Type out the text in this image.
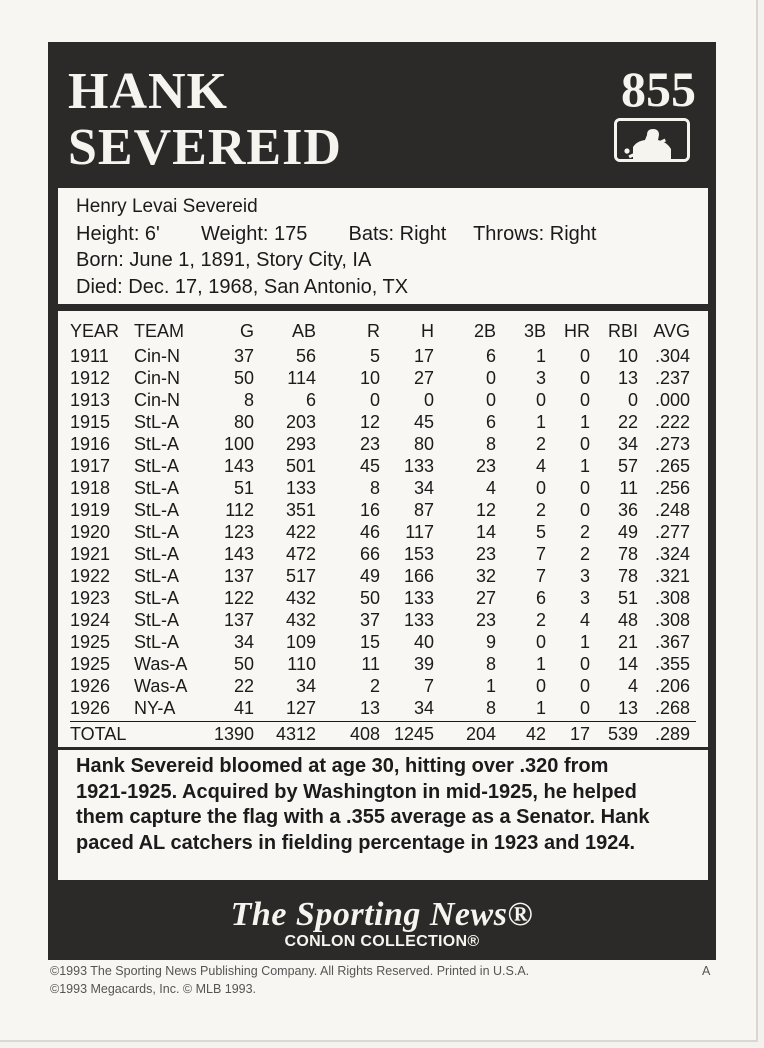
HANK
SEVEREID
855
Henry Levai Severeid
Height: 6' Weight: 175 Bats: Right Throws: Right
Born: June 1, 1891, Story City, IA
Died: Dec. 17, 1968, San Antonio, TX
YEAR	TEAM	G	AB	R	H	2B	3B	HR	RBI	AVG
1911	Cin-N	37	56	5	17	6	1	0	10	.304
1912	Cin-N	50	114	10	27	0	3	0	13	.237
1913	Cin-N	8	6	0	0	0	0	0	0	.000
1915	StL-A	80	203	12	45	6	1	1	22	.222
1916	StL-A	100	293	23	80	8	2	0	34	.273
1917	StL-A	143	501	45	133	23	4	1	57	.265
1918	StL-A	51	133	8	34	4	0	0	11	.256
1919	StL-A	112	351	16	87	12	2	0	36	.248
1920	StL-A	123	422	46	117	14	5	2	49	.277
1921	StL-A	143	472	66	153	23	7	2	78	.324
1922	StL-A	137	517	49	166	32	7	3	78	.321
1923	StL-A	122	432	50	133	27	6	3	51	.308
1924	StL-A	137	432	37	133	23	2	4	48	.308
1925	StL-A	34	109	15	40	9	0	1	21	.367
1925	Was-A	50	110	11	39	8	1	0	14	.355
1926	Was-A	22	34	2	7	1	0	0	4	.206
1926	NY-A	41	127	13	34	8	1	0	13	.268
TOTAL	1390	4312	408	1245	204	42	17	539	.289
Hank Severeid bloomed at age 30, hitting over .320 from
1921-1925. Acquired by Washington in mid-1925, he helped
them capture the flag with a .355 average as a Senator. Hank
paced AL catchers in fielding percentage in 1923 and 1924.
The Sporting News®
CONLON COLLECTION®
©1993 The Sporting News Publishing Company. All Rights Reserved. Printed in U.S.A.
©1993 Megacards, Inc. © MLB 1993.
A
